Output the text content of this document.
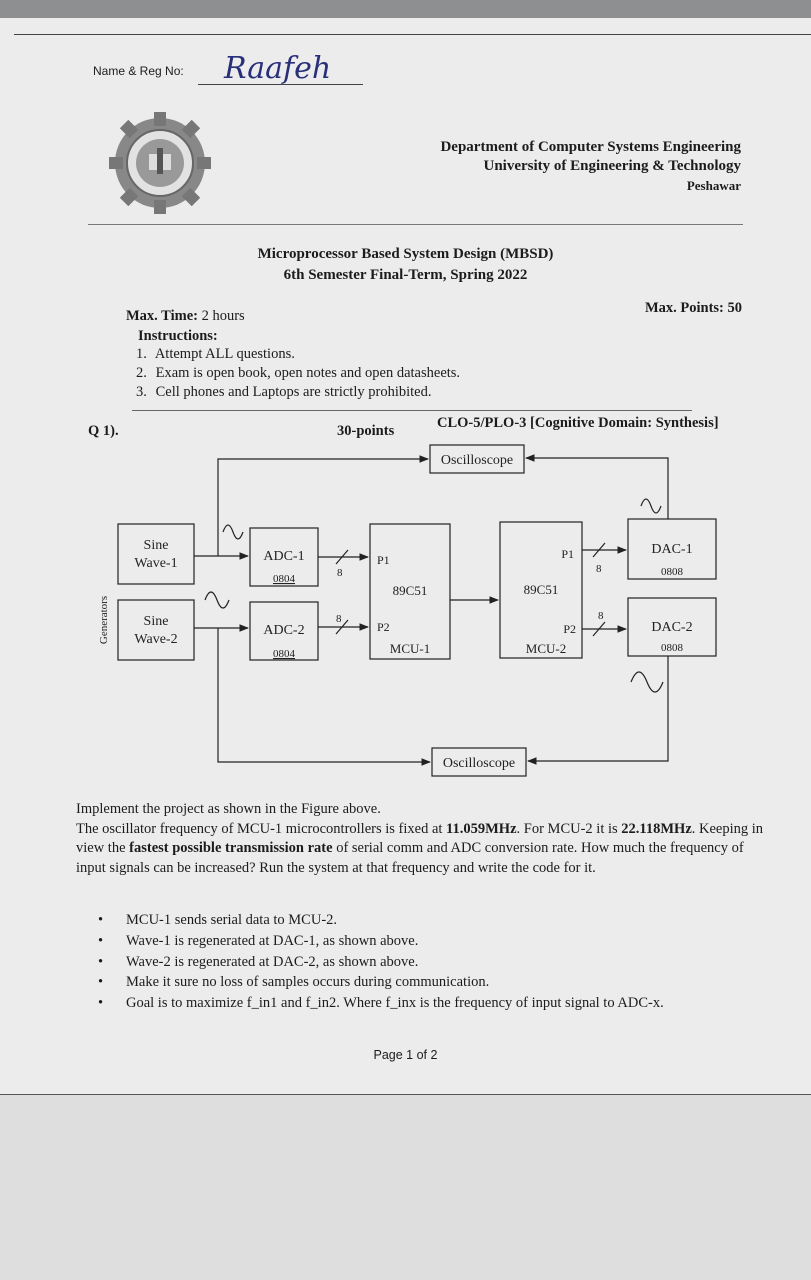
Name & Reg No: Raafeh
Department of Computer Systems Engineering
University of Engineering & Technology
Peshawar
Microprocessor Based System Design (MBSD)
6th Semester Final-Term, Spring 2022
Max. Time: 2 hours	Max. Points: 50
Instructions:
1. Attempt ALL questions.
2. Exam is open book, open notes and open datasheets.
3. Cell phones and Laptops are strictly prohibited.
Q 1).	30-points	CLO-5/PLO-3 [Cognitive Domain: Synthesis]
Oscilloscope
Oscilloscope
Generators
Sine
Wave-1
Sine
Wave-2
ADC-1
0804
ADC-2
0804
P1
89C51
P2
MCU-1
P1
89C51
P2
MCU-2
DAC-1
0808
DAC-2
0808
8
8
8
8
Implement the project as shown in the Figure above.
The oscillator frequency of MCU-1 microcontrollers is fixed at 11.059MHz. For MCU-2 it is 22.118MHz. Keeping in view the fastest possible transmission rate of serial comm and ADC conversion rate. How much the frequency of input signals can be increased? Run the system at that frequency and write the code for it.
• MCU-1 sends serial data to MCU-2.
• Wave-1 is regenerated at DAC-1, as shown above.
• Wave-2 is regenerated at DAC-2, as shown above.
• Make it sure no loss of samples occurs during communication.
• Goal is to maximize f_in1 and f_in2. Where f_inx is the frequency of input signal to ADC-x.
Page 1 of 2
